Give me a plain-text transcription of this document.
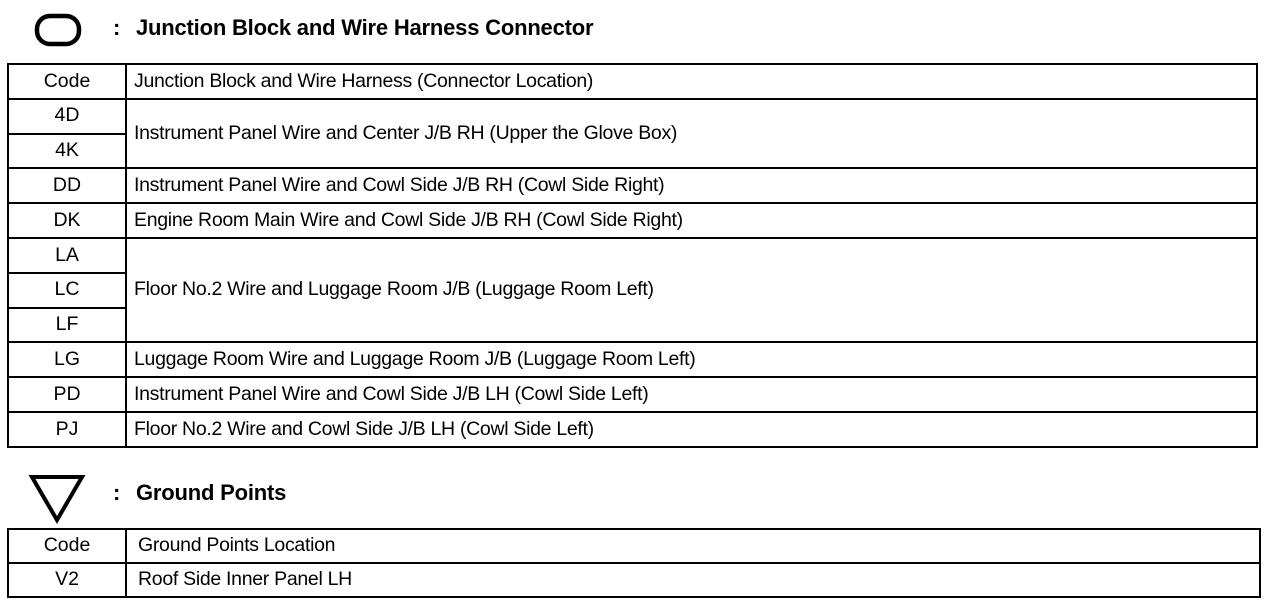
: Junction Block and Wire Harness Connector
Code	Junction Block and Wire Harness (Connector Location)
4D	Instrument Panel Wire and Center J/B RH (Upper the Glove Box)
4K	
DD	Instrument Panel Wire and Cowl Side J/B RH (Cowl Side Right)
DK	Engine Room Main Wire and Cowl Side J/B RH (Cowl Side Right)
LA	Floor No.2 Wire and Luggage Room J/B (Luggage Room Left)
LC	
LF	
LG	Luggage Room Wire and Luggage Room J/B (Luggage Room Left)
PD	Instrument Panel Wire and Cowl Side J/B LH (Cowl Side Left)
PJ	Floor No.2 Wire and Cowl Side J/B LH (Cowl Side Left)
: Ground Points
Code	Ground Points Location
V2	Roof Side Inner Panel LH
